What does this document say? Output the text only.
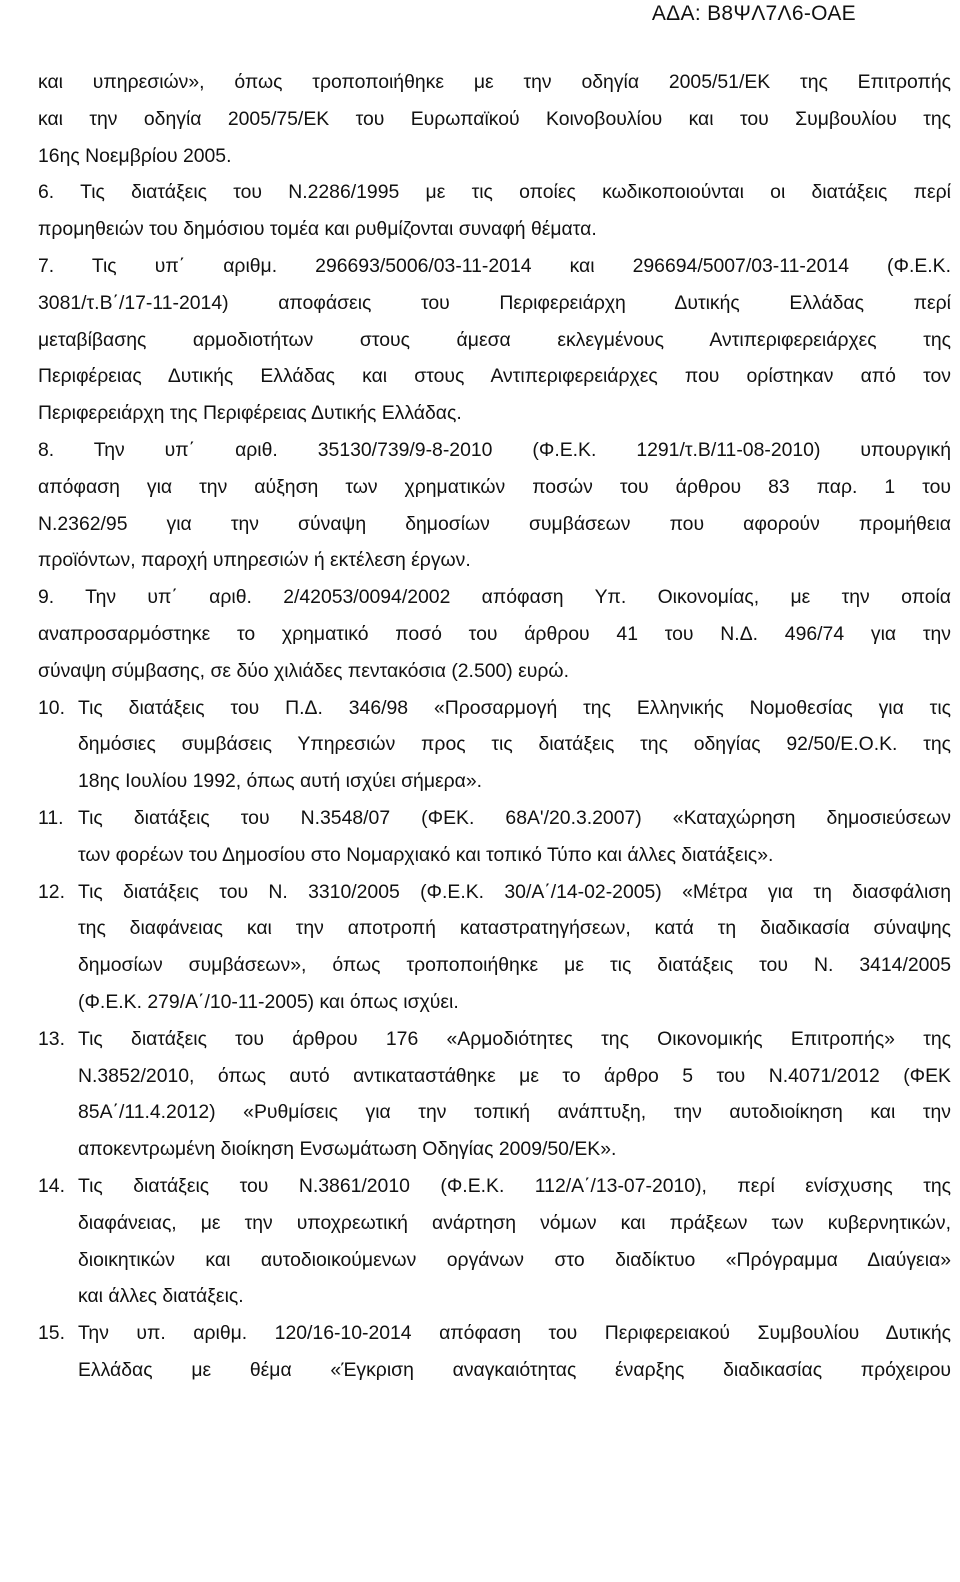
ΑΔΑ: Β8ΨΛ7Λ6-ΟΑΕ
και υπηρεσιών», όπως τροποποιήθηκε με την οδηγία 2005/51/ΕΚ της Επιτροπής
και την οδηγία 2005/75/ΕΚ του Ευρωπαϊκού Κοινοβουλίου και του Συμβουλίου της
16ης Νοεμβρίου 2005.
6. Τις διατάξεις του Ν.2286/1995 με τις οποίες κωδικοποιούνται οι διατάξεις περί
προμηθειών του δημόσιου τομέα και ρυθμίζονται συναφή θέματα.
7. Τις υπ΄ αριθμ. 296693/5006/03-11-2014 και 296694/5007/03-11-2014 (Φ.Ε.Κ.
3081/τ.Β΄/17-11-2014) αποφάσεις του Περιφερειάρχη Δυτικής Ελλάδας περί
μεταβίβασης αρμοδιοτήτων στους άμεσα εκλεγμένους Αντιπεριφερειάρχες της
Περιφέρειας Δυτικής Ελλάδας και στους Αντιπεριφερειάρχες που ορίστηκαν από τον
Περιφερειάρχη της Περιφέρειας Δυτικής Ελλάδας.
8. Την υπ΄ αριθ. 35130/739/9-8-2010 (Φ.Ε.Κ. 1291/τ.Β/11-08-2010) υπουργική
απόφαση για την αύξηση των χρηματικών ποσών του άρθρου 83 παρ. 1 του
Ν.2362/95 για την σύναψη δημοσίων συμβάσεων που αφορούν προμήθεια
προϊόντων, παροχή υπηρεσιών ή εκτέλεση έργων.
9. Την υπ΄ αριθ. 2/42053/0094/2002 απόφαση Υπ. Οικονομίας, με την οποία
αναπροσαρμόστηκε το χρηματικό ποσό του άρθρου 41 του Ν.Δ. 496/74 για την
σύναψη σύμβασης, σε δύο χιλιάδες πεντακόσια (2.500) ευρώ.
10. Τις διατάξεις του Π.Δ. 346/98 «Προσαρμογή της Ελληνικής Νομοθεσίας για τις
δημόσιες συμβάσεις Υπηρεσιών προς τις διατάξεις της οδηγίας 92/50/Ε.Ο.Κ. της
18ης Ιουλίου 1992, όπως αυτή ισχύει σήμερα».
11. Τις διατάξεις του Ν.3548/07 (ΦΕΚ. 68Α'/20.3.2007) «Καταχώρηση δημοσιεύσεων
των φορέων του Δημοσίου στο Νομαρχιακό και τοπικό Τύπο και άλλες διατάξεις».
12. Τις διατάξεις του Ν. 3310/2005 (Φ.Ε.Κ. 30/Α΄/14-02-2005) «Μέτρα για τη διασφάλιση
της διαφάνειας και την αποτροπή καταστρατηγήσεων, κατά τη διαδικασία σύναψης
δημοσίων συμβάσεων», όπως τροποποιήθηκε με τις διατάξεις του Ν. 3414/2005
(Φ.Ε.Κ. 279/Α΄/10-11-2005) και όπως ισχύει.
13. Τις διατάξεις του άρθρου 176 «Αρμοδιότητες της Οικονομικής Επιτροπής» της
Ν.3852/2010, όπως αυτό αντικαταστάθηκε με το άρθρο 5 του Ν.4071/2012 (ΦΕΚ
85Α΄/11.4.2012) «Ρυθμίσεις για την τοπική ανάπτυξη, την αυτοδιοίκηση και την
αποκεντρωμένη διοίκηση Ενσωμάτωση Οδηγίας 2009/50/ΕΚ».
14. Τις διατάξεις του Ν.3861/2010 (Φ.Ε.Κ. 112/Α΄/13-07-2010), περί ενίσχυσης της
διαφάνειας, με την υποχρεωτική ανάρτηση νόμων και πράξεων των κυβερνητικών,
διοικητικών και αυτοδιοικούμενων οργάνων στο διαδίκτυο «Πρόγραμμα Διαύγεια»
και άλλες διατάξεις.
15. Την υπ. αριθμ. 120/16-10-2014 απόφαση του Περιφερειακού Συμβουλίου Δυτικής
Ελλάδας με θέμα «Έγκριση αναγκαιότητας έναρξης διαδικασίας πρόχειρου
